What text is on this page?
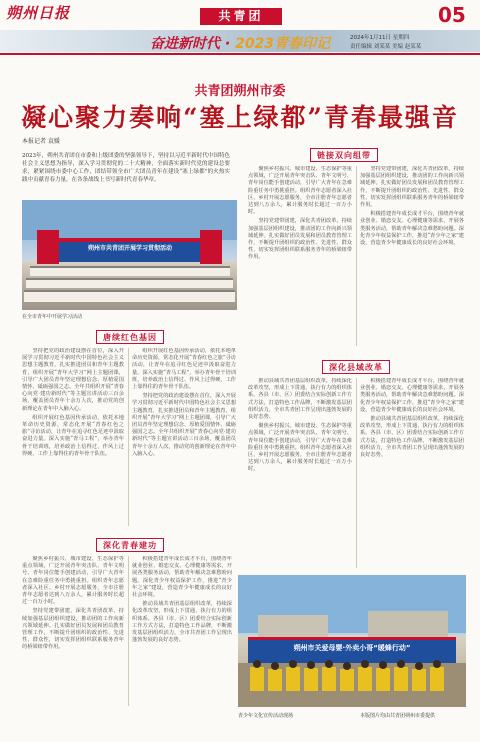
朔州日报	共青团	05
奋进新时代 · 2023青春印记	2024年1月11日 星期四
责任编辑 刘某某 美编 赵某某
共青团朔州市委
凝心聚力奏响“塞上绿都”青春最强音
本报记者 袁媛
2023年，朔州共青团在市委和上级团委的坚强领导下，坚持以习近平新时代中国特色社会主义思想为指导，深入学习贯彻党的二十大精神，全面落实新时代党的建设总要求，紧紧围绕市委中心工作，团结带领全市广大团员青年在建设“塞上绿都”的火热实践中贡献青春力量，在各条战线上书写新时代青春华章。
朔州市共青团开展学习贯彻活动
在全市青年中开展学习活动
链接双向组带

聚焦乡村振兴、城市建设、生态保护等重点领域，广泛开展青年突击队、青年文明号、青年岗位能手创建活动，引导广大青年在急难险重任务中勇挑重担。组织青年志愿者深入社区、乡村开展志愿服务，全市注册青年志愿者达到八万余人，累计服务时长超过一百万小时。

坚持党建带团建，深化共青团改革，持续加强基层团组织建设，推动团的工作向新兴领域延伸。扎实做好团员发展和团员教育管理工作，不断提升团组织的政治性、先进性、群众性，切实发挥团组织联系服务青年的桥梁纽带作用。

坚持党建带团建，深化共青团改革，持续加强基层团组织建设，推动团的工作向新兴领域延伸。扎实做好团员发展和团员教育管理工作，不断提升团组织的政治性、先进性、群众性，切实发挥团组织联系服务青年的桥梁纽带作用。

积极搭建青年成长成才平台，围绕青年就业创业、婚恋交友、心理健康等需求，开展各类服务活动，帮助青年解决急难愁盼问题。深化青少年权益保护工作，推进“青少年之家”建设，营造青少年健康成长的良好社会环境。

唐续红色基因

坚持把党的政治建设摆在首位，深入开展学习贯彻习近平新时代中国特色社会主义思想主题教育，扎实推进团员和青年主题教育，组织开展“青年大学习”网上主题团课，引导广大团员青年坚定理想信念、厚植爱国情怀、砥砺强国之志。全年共组织开展“青春心向党·建功新时代”等主题宣讲活动三百余场，覆盖团员青年十余万人次，推动党的创新理论在青年中入脑入心。

组织开展红色基因传承活动，依托本地革命历史资源，常态化开展“青春红色之旅”寻访活动，让青年在追寻红色足迹中汲取奋进力量。深入实施“青马工程”，举办青年骨干培训班，培养政治上信得过、作风上过得硬、工作上靠得住的青年骨干队伍。

组织开展红色基因传承活动，依托本地革命历史资源，常态化开展“青春红色之旅”寻访活动，让青年在追寻红色足迹中汲取奋进力量。深入实施“青马工程”，举办青年骨干培训班，培养政治上信得过、作风上过得硬、工作上靠得住的青年骨干队伍。

坚持把党的政治建设摆在首位，深入开展学习贯彻习近平新时代中国特色社会主义思想主题教育，扎实推进团员和青年主题教育，组织开展“青年大学习”网上主题团课，引导广大团员青年坚定理想信念、厚植爱国情怀、砥砺强国之志。全年共组织开展“青春心向党·建功新时代”等主题宣讲活动三百余场，覆盖团员青年十余万人次，推动党的创新理论在青年中入脑入心。

深化县域改革

推动县域共青团基层组织改革，持续深化改革攻坚，形成上下贯通、执行有力的组织体系。各县（市、区）团委结合实际创新工作方式方法，打造特色工作品牌，不断激发基层团组织活力，全市共青团工作呈现出蓬勃发展的良好态势。

聚焦乡村振兴、城市建设、生态保护等重点领域，广泛开展青年突击队、青年文明号、青年岗位能手创建活动，引导广大青年在急难险重任务中勇挑重担。组织青年志愿者深入社区、乡村开展志愿服务，全市注册青年志愿者达到八万余人，累计服务时长超过一百万小时。

积极搭建青年成长成才平台，围绕青年就业创业、婚恋交友、心理健康等需求，开展各类服务活动，帮助青年解决急难愁盼问题。深化青少年权益保护工作，推进“青少年之家”建设，营造青少年健康成长的良好社会环境。

推动县域共青团基层组织改革，持续深化改革攻坚，形成上下贯通、执行有力的组织体系。各县（市、区）团委结合实际创新工作方式方法，打造特色工作品牌，不断激发基层团组织活力，全市共青团工作呈现出蓬勃发展的良好态势。

深化青春建功

聚焦乡村振兴、城市建设、生态保护等重点领域，广泛开展青年突击队、青年文明号、青年岗位能手创建活动，引导广大青年在急难险重任务中勇挑重担。组织青年志愿者深入社区、乡村开展志愿服务，全市注册青年志愿者达到八万余人，累计服务时长超过一百万小时。

坚持党建带团建，深化共青团改革，持续加强基层团组织建设，推动团的工作向新兴领域延伸。扎实做好团员发展和团员教育管理工作，不断提升团组织的政治性、先进性、群众性，切实发挥团组织联系服务青年的桥梁纽带作用。

积极搭建青年成长成才平台，围绕青年就业创业、婚恋交友、心理健康等需求，开展各类服务活动，帮助青年解决急难愁盼问题。深化青少年权益保护工作，推进“青少年之家”建设，营造青少年健康成长的良好社会环境。

推动县域共青团基层组织改革，持续深化改革攻坚，形成上下贯通、执行有力的组织体系。各县（市、区）团委结合实际创新工作方式方法，打造特色工作品牌，不断激发基层团组织活力，全市共青团工作呈现出蓬勃发展的良好态势。

朔州市关爱母婴·外卖小哥“暖蜂行动”
本版图片均由共青团朔州市委提供
青少年文化宣传活动现场
